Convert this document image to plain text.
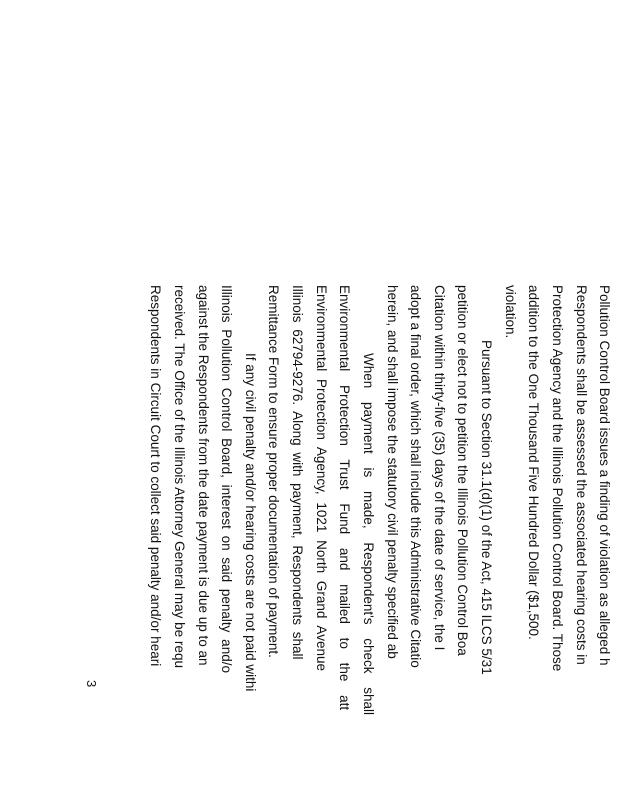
Pollution Control Board issues a finding of violation as alleged h
Respondents shall be assessed the associated hearing costs in
Protection Agency and the Illinois Pollution Control Board. Those
addition to the One Thousand Five Hundred Dollar ($1,500.
violation.
Pursuant to Section 31.1(d)(1) of the Act, 415 ILCS 5/31
petition or elect not to petition the Illinois Pollution Control Boa
Citation within thirty-five (35) days of the date of service, the I
adopt a final order, which shall include this Administrative Citatio
herein, and shall impose the statutory civil penalty specified ab
When payment is made, Respondent's check shall
Environmental Protection Trust Fund and mailed to the att
Environmental Protection Agency, 1021 North Grand Avenue
Illinois 62794-9276. Along with payment, Respondents shall
Remittance Form to ensure proper documentation of payment.
If any civil penalty and/or hearing costs are not paid withi
Illinois Pollution Control Board, interest on said penalty and/o
against the Respondents from the date payment is due up to an
received. The Office of the Illinois Attorney General may be requ
Respondents in Circuit Court to collect said penalty and/or heari
3
